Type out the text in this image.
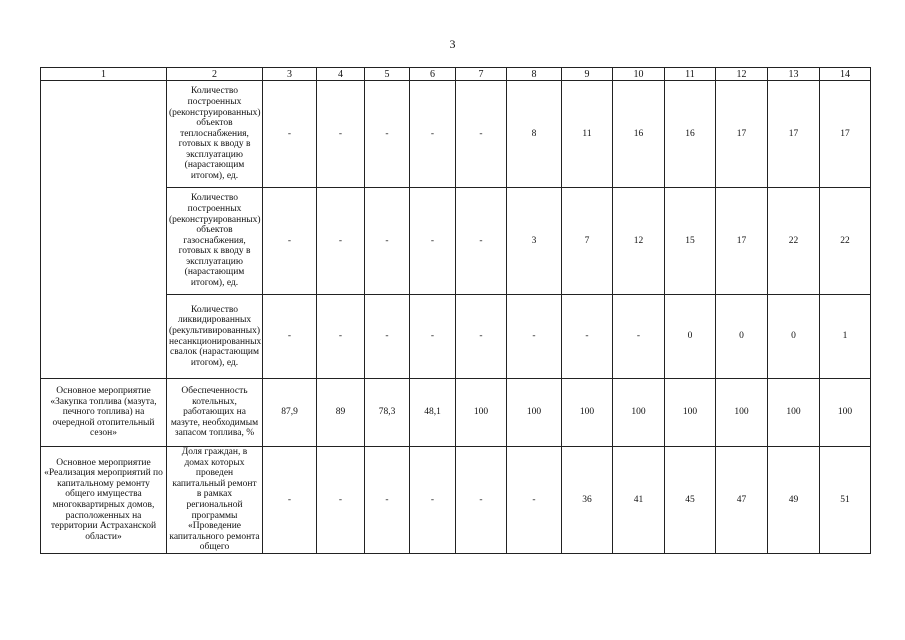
3
1	2	3	4	5	6	7	8	9	10	11	12	13	14
	Количество построенных (реконструированных) объектов теплоснабжения, готовых к вводу в эксплуатацию (нарастающим итогом), ед.	-	-	-	-	-	8	11	16	16	17	17	17
	Количество построенных (реконструированных) объектов газоснабжения, готовых к вводу в эксплуатацию (нарастающим итогом), ед.	-	-	-	-	-	3	7	12	15	17	22	22
	Количество ликвидированных (рекультивированных) несанкционированных свалок (нарастающим итогом), ед.	-	-	-	-	-	-	-	-	0	0	0	1
Основное мероприятие «Закупка топлива (мазута, печного топлива) на очередной отопительный сезон»	Обеспеченность котельных, работающих на мазуте, необходимым запасом топлива, %	87,9	89	78,3	48,1	100	100	100	100	100	100	100	100
Основное мероприятие «Реализация мероприятий по капитальному ремонту общего имущества многоквартирных домов, расположенных на территории Астраханской области»	Доля граждан, в домах которых проведен капитальный ремонт в рамках региональной программы «Проведение капитального ремонта общего	-	-	-	-	-	-	36	41	45	47	49	51
